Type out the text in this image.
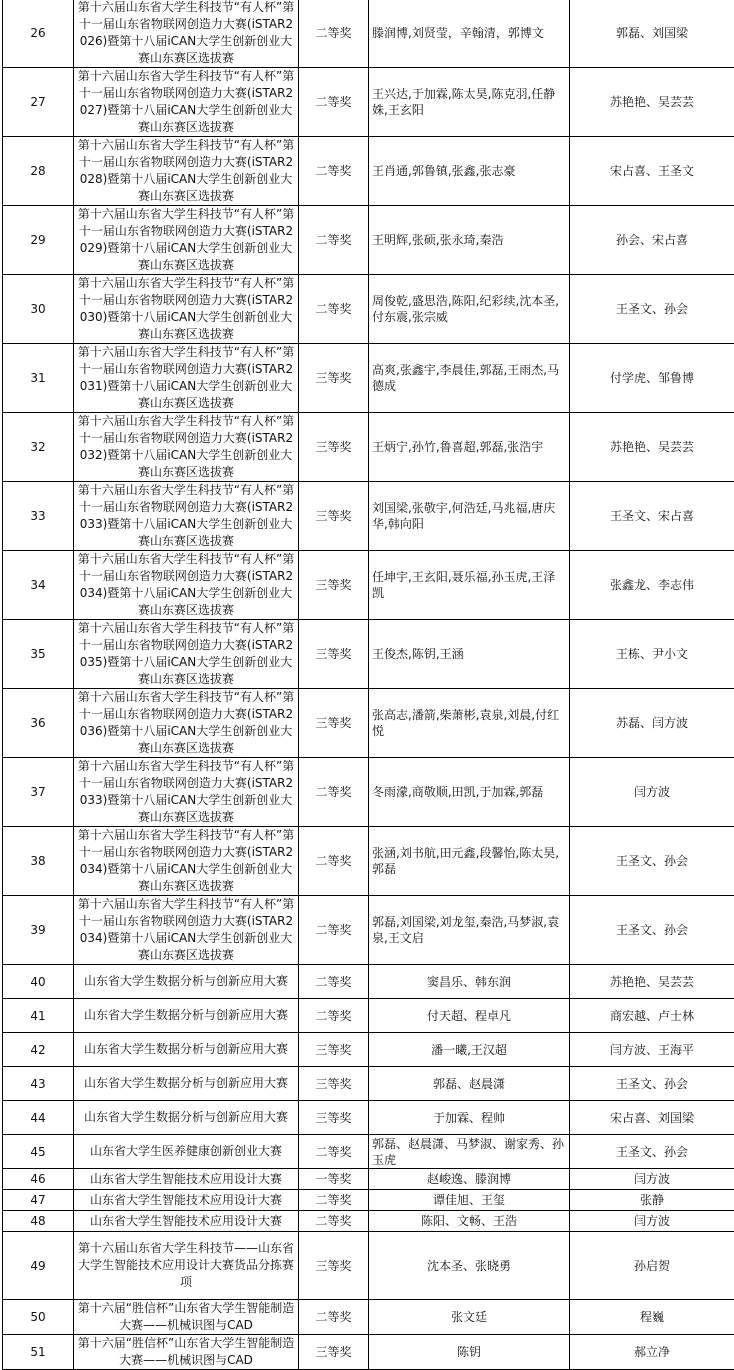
26	第十六届山东省大学生科技节“有人杯”第十一届山东省物联网创造力大赛(iSTAR2026)暨第十八届iCAN大学生创新创业大赛山东赛区选拔赛	二等奖	滕润博,刘贤莹，辛翰清，郭博文	郭磊、刘国梁
27	第十六届山东省大学生科技节“有人杯”第十一届山东省物联网创造力大赛(iSTAR2027)暨第十八届iCAN大学生创新创业大赛山东赛区选拔赛	二等奖	王兴达,于加霖,陈太昊,陈克羽,任静姝,王玄阳	苏艳艳、吴芸芸
28	第十六届山东省大学生科技节“有人杯”第十一届山东省物联网创造力大赛(iSTAR2028)暨第十八届iCAN大学生创新创业大赛山东赛区选拔赛	二等奖	王肖通,郭鲁镇,张鑫,张志豪	宋占喜、王圣文
29	第十六届山东省大学生科技节“有人杯”第十一届山东省物联网创造力大赛(iSTAR2029)暨第十八届iCAN大学生创新创业大赛山东赛区选拔赛	二等奖	王明辉,张硕,张永琦,秦浩	孙会、宋占喜
30	第十六届山东省大学生科技节“有人杯”第十一届山东省物联网创造力大赛(iSTAR2030)暨第十八届iCAN大学生创新创业大赛山东赛区选拔赛	二等奖	周俊乾,盛思浩,陈阳,纪彩续,沈本圣,付东震,张宗威	王圣文、孙会
31	第十六届山东省大学生科技节“有人杯”第十一届山东省物联网创造力大赛(iSTAR2031)暨第十八届iCAN大学生创新创业大赛山东赛区选拔赛	三等奖	高爽,张鑫宇,李晨佳,郭磊,王雨杰,马德成	付学虎、邹鲁博
32	第十六届山东省大学生科技节“有人杯”第十一届山东省物联网创造力大赛(iSTAR2032)暨第十八届iCAN大学生创新创业大赛山东赛区选拔赛	三等奖	王炳宁,孙竹,鲁喜超,郭磊,张浩宇	苏艳艳、吴芸芸
33	第十六届山东省大学生科技节“有人杯”第十一届山东省物联网创造力大赛(iSTAR2033)暨第十八届iCAN大学生创新创业大赛山东赛区选拔赛	三等奖	刘国梁,张敬宇,何浩廷,马兆福,唐庆华,韩向阳	王圣文、宋占喜
34	第十六届山东省大学生科技节“有人杯”第十一届山东省物联网创造力大赛(iSTAR2034)暨第十八届iCAN大学生创新创业大赛山东赛区选拔赛	三等奖	任坤宇,王玄阳,聂乐福,孙玉虎,王泽凯	张鑫龙、李志伟
35	第十六届山东省大学生科技节“有人杯”第十一届山东省物联网创造力大赛(iSTAR2035)暨第十八届iCAN大学生创新创业大赛山东赛区选拔赛	三等奖	王俊杰,陈钥,王涵	王栋、尹小文
36	第十六届山东省大学生科技节“有人杯”第十一届山东省物联网创造力大赛(iSTAR2036)暨第十八届iCAN大学生创新创业大赛山东赛区选拔赛	三等奖	张高志,潘箭,柴萧彬,袁泉,刘晨,付红悦	苏磊、闫方波
37	第十六届山东省大学生科技节“有人杯”第十一届山东省物联网创造力大赛(iSTAR2033)暨第十八届iCAN大学生创新创业大赛山东赛区选拔赛	二等奖	冬雨濛,商敬顺,田凯,于加霖,郭磊	闫方波
38	第十六届山东省大学生科技节“有人杯”第十一届山东省物联网创造力大赛(iSTAR2034)暨第十八届iCAN大学生创新创业大赛山东赛区选拔赛	二等奖	张涵,刘书航,田元鑫,段馨怡,陈太昊,郭磊	王圣文、孙会
39	第十六届山东省大学生科技节“有人杯”第十一届山东省物联网创造力大赛(iSTAR2034)暨第十八届iCAN大学生创新创业大赛山东赛区选拔赛	二等奖	郭磊,刘国梁,刘龙玺,秦浩,马梦淑,袁泉,王文启	王圣文、孙会
40	山东省大学生数据分析与创新应用大赛	二等奖	窦昌乐、韩东润	苏艳艳、吴芸芸
41	山东省大学生数据分析与创新应用大赛	二等奖	付天超、程卓凡	商宏越、卢士林
42	山东省大学生数据分析与创新应用大赛	三等奖	潘一曦,王汉超	闫方波、王海平
43	山东省大学生数据分析与创新应用大赛	三等奖	郭磊、赵晨潇	王圣文、孙会
44	山东省大学生数据分析与创新应用大赛	三等奖	于加霖、程帅	宋占喜、刘国梁
45	山东省大学生医养健康创新创业大赛	二等奖	郭磊、赵晨潇、马梦淑、谢家秀、孙玉虎	王圣文、孙会
46	山东省大学生智能技术应用设计大赛	一等奖	赵峻逸、滕润博	闫方波
47	山东省大学生智能技术应用设计大赛	二等奖	谭佳旭、王玺	张静
48	山东省大学生智能技术应用设计大赛	二等奖	陈阳、文畅、王浩	闫方波
49	第十六届山东省大学生科技节——山东省大学生智能技术应用设计大赛货品分拣赛项	三等奖	沈本圣、张晓勇	孙启贺
50	第十六届“胜信杯”山东省大学生智能制造大赛——机械识图与CAD	二等奖	张文廷	程巍
51	第十六届“胜信杯”山东省大学生智能制造大赛——机械识图与CAD	三等奖	陈钥	郝立净
